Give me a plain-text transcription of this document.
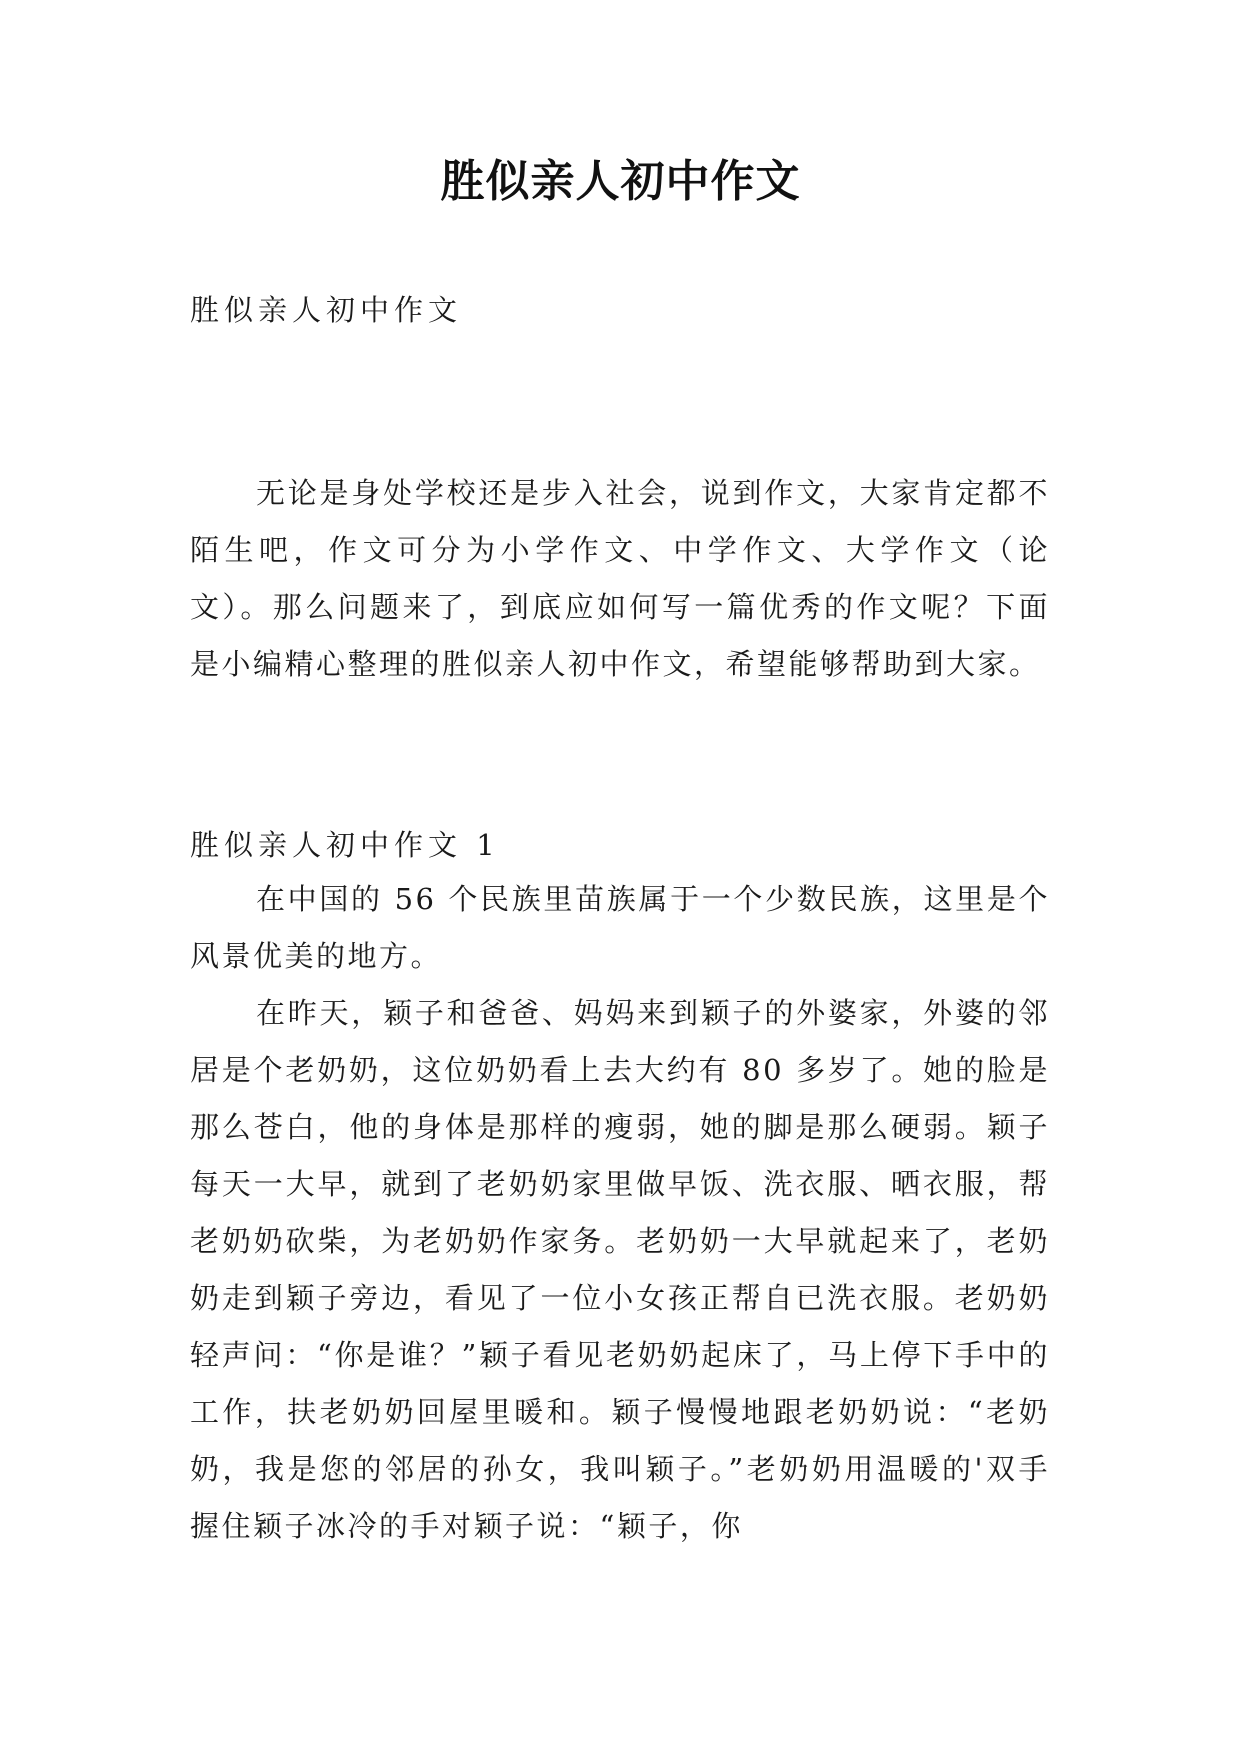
胜似亲人初中作文

胜似亲人初中作文

无论是身处学校还是步入社会，说到作文，大家肯定都不陌生吧，作文可分为小学作文、中学作文、大学作文（论文）。那么问题来了，到底应如何写一篇优秀的作文呢？下面是小编精心整理的胜似亲人初中作文，希望能够帮助到大家。

胜似亲人初中作文 1

在中国的 56 个民族里苗族属于一个少数民族，这里是个风景优美的地方。

在昨天，颖子和爸爸、妈妈来到颖子的外婆家，外婆的邻居是个老奶奶，这位奶奶看上去大约有 80 多岁了。她的脸是那么苍白，他的身体是那样的瘦弱，她的脚是那么硬弱。颖子每天一大早，就到了老奶奶家里做早饭、洗衣服、晒衣服，帮老奶奶砍柴，为老奶奶作家务。老奶奶一大早就起来了，老奶奶走到颖子旁边，看见了一位小女孩正帮自已洗衣服。老奶奶轻声问：“你是谁？”颖子看见老奶奶起床了，马上停下手中的工作，扶老奶奶回屋里暖和。颖子慢慢地跟老奶奶说：“老奶奶，我是您的邻居的孙女，我叫颖子。”老奶奶用温暖的'双手握住颖子冰冷的手对颖子说：“颖子，你
